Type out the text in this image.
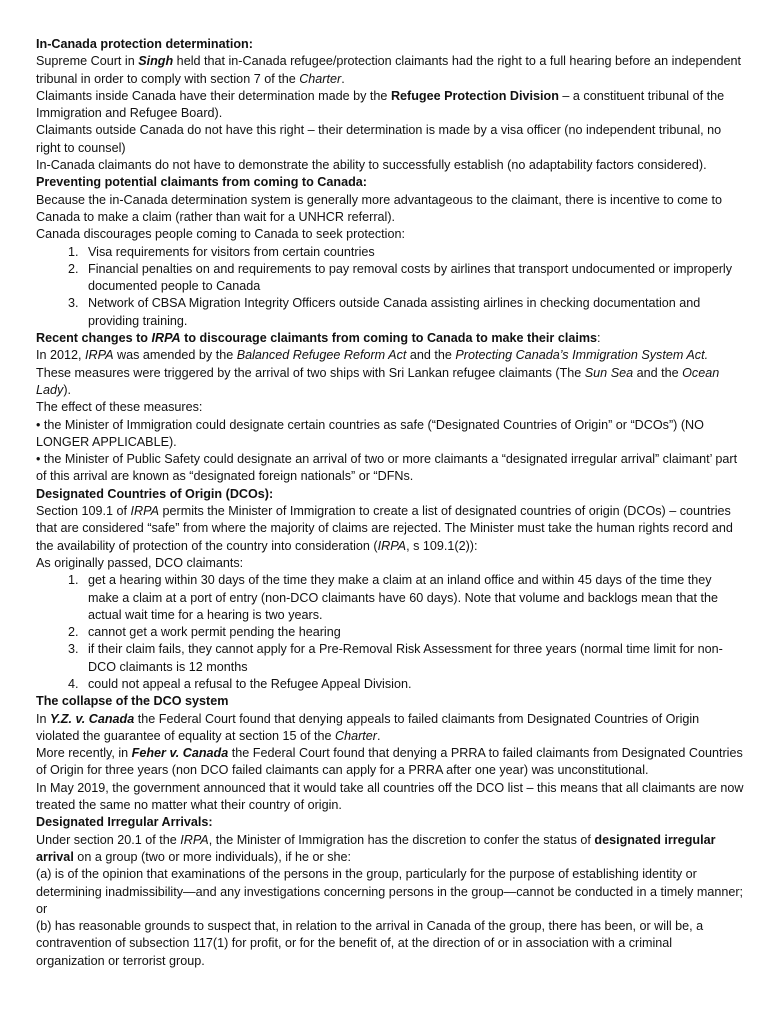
In-Canada protection determination:

Supreme Court in Singh held that in-Canada refugee/protection claimants had the right to a full hearing before an independent tribunal in order to comply with section 7 of the Charter.

Claimants inside Canada have their determination made by the Refugee Protection Division – a constituent tribunal of the Immigration and Refugee Board).

Claimants outside Canada do not have this right – their determination is made by a visa officer (no independent tribunal, no right to counsel)

In-Canada claimants do not have to demonstrate the ability to successfully establish (no adaptability factors considered).

Preventing potential claimants from coming to Canada:

Because the in-Canada determination system is generally more advantageous to the claimant, there is incentive to come to Canada to make a claim (rather than wait for a UNHCR referral).

Canada discourages people coming to Canada to seek protection:

1. Visa requirements for visitors from certain countries
2. Financial penalties on and requirements to pay removal costs by airlines that transport undocumented or improperly documented people to Canada
3. Network of CBSA Migration Integrity Officers outside Canada assisting airlines in checking documentation and providing training.

Recent changes to IRPA to discourage claimants from coming to Canada to make their claims:

In 2012, IRPA was amended by the Balanced Refugee Reform Act and the Protecting Canada’s Immigration System Act. These measures were triggered by the arrival of two ships with Sri Lankan refugee claimants (The Sun Sea and the Ocean Lady).

The effect of these measures:

• the Minister of Immigration could designate certain countries as safe (“Designated Countries of Origin” or “DCOs”) (NO LONGER APPLICABLE).

• the Minister of Public Safety could designate an arrival of two or more claimants a “designated irregular arrival” claimant’ part of this arrival are known as “designated foreign nationals” or “DFNs.

Designated Countries of Origin (DCOs):

Section 109.1 of IRPA permits the Minister of Immigration to create a list of designated countries of origin (DCOs) – countries that are considered “safe” from where the majority of claims are rejected. The Minister must take the human rights record and the availability of protection of the country into consideration (IRPA, s 109.1(2)):

As originally passed, DCO claimants:

1. get a hearing within 30 days of the time they make a claim at an inland office and within 45 days of the time they make a claim at a port of entry (non-DCO claimants have 60 days). Note that volume and backlogs mean that the actual wait time for a hearing is two years.
2. cannot get a work permit pending the hearing
3. if their claim fails, they cannot apply for a Pre-Removal Risk Assessment for three years (normal time limit for non-DCO claimants is 12 months
4. could not appeal a refusal to the Refugee Appeal Division.

The collapse of the DCO system

In Y.Z. v. Canada the Federal Court found that denying appeals to failed claimants from Designated Countries of Origin violated the guarantee of equality at section 15 of the Charter.

More recently, in Feher v. Canada the Federal Court found that denying a PRRA to failed claimants from Designated Countries of Origin for three years (non DCO failed claimants can apply for a PRRA after one year) was unconstitutional.

In May 2019, the government announced that it would take all countries off the DCO list – this means that all claimants are now treated the same no matter what their country of origin.

Designated Irregular Arrivals:

Under section 20.1 of the IRPA, the Minister of Immigration has the discretion to confer the status of designated irregular arrival on a group (two or more individuals), if he or she:

(a) is of the opinion that examinations of the persons in the group, particularly for the purpose of establishing identity or determining inadmissibility—and any investigations concerning persons in the group—cannot be conducted in a timely manner; or

(b) has reasonable grounds to suspect that, in relation to the arrival in Canada of the group, there has been, or will be, a contravention of subsection 117(1) for profit, or for the benefit of, at the direction of or in association with a criminal organization or terrorist group.
